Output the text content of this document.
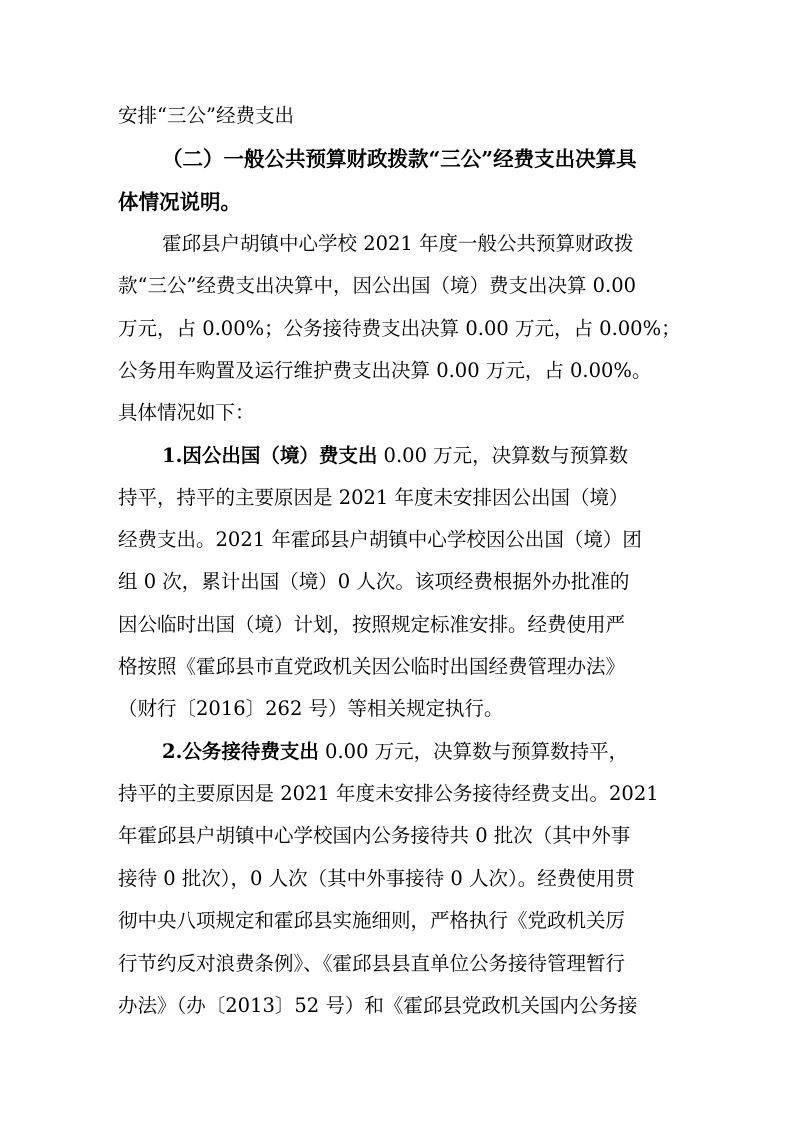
安排“三公”经费支出
（二）一般公共预算财政拨款“三公”经费支出决算具
体情况说明。
霍邱县户胡镇中心学校 2021 年度一般公共预算财政拨
款“三公”经费支出决算中，因公出国（境）费支出决算 0.00
万元，占 0.00%；公务接待费支出决算 0.00 万元，占 0.00%；
公务用车购置及运行维护费支出决算 0.00 万元，占 0.00%。
具体情况如下：
1.因公出国（境）费支出 0.00 万元，决算数与预算数
持平，持平的主要原因是 2021 年度未安排因公出国（境）
经费支出。2021 年霍邱县户胡镇中心学校因公出国（境）团
组 0 次，累计出国（境）0 人次。该项经费根据外办批准的
因公临时出国（境）计划，按照规定标准安排。经费使用严
格按照《霍邱县市直党政机关因公临时出国经费管理办法》
（财行〔2016〕262 号）等相关规定执行。
2.公务接待费支出 0.00 万元，决算数与预算数持平，
持平的主要原因是 2021 年度未安排公务接待经费支出。2021
年霍邱县户胡镇中心学校国内公务接待共 0 批次（其中外事
接待 0 批次），0 人次（其中外事接待 0 人次）。经费使用贯
彻中央八项规定和霍邱县实施细则，严格执行《党政机关厉
行节约反对浪费条例》、《霍邱县县直单位公务接待管理暂行
办法》（办〔2013〕52 号）和《霍邱县党政机关国内公务接
